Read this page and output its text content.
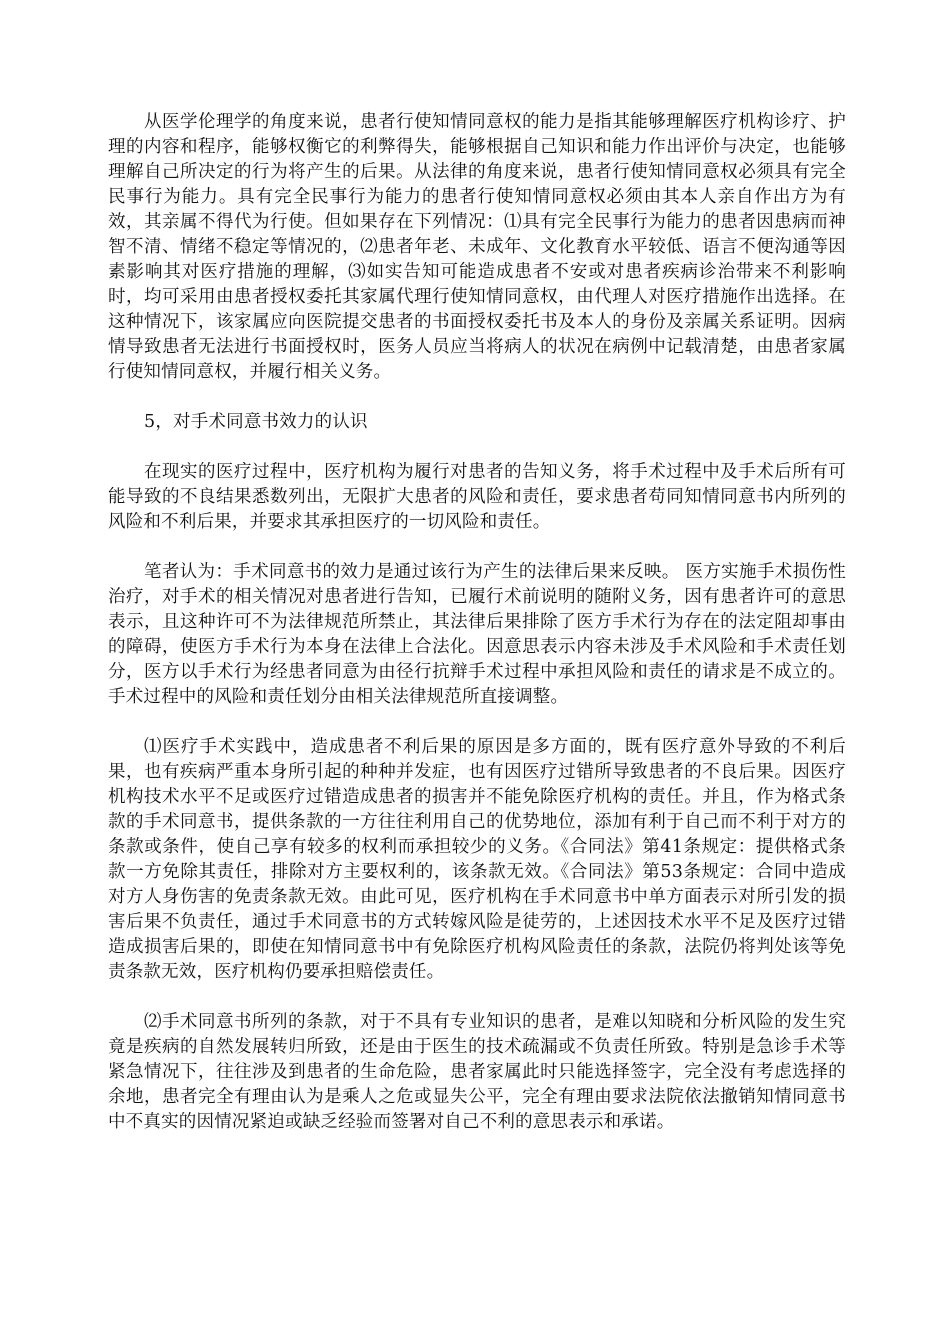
从医学伦理学的角度来说，患者行使知情同意权的能力是指其能够理解医疗机构诊疗、护理的内容和程序，能够权衡它的利弊得失，能够根据自己知识和能力作出评价与决定，也能够理解自己所决定的行为将产生的后果。从法律的角度来说，患者行使知情同意权必须具有完全民事行为能力。具有完全民事行为能力的患者行使知情同意权必须由其本人亲自作出方为有效，其亲属不得代为行使。但如果存在下列情况：⑴具有完全民事行为能力的患者因患病而神智不清、情绪不稳定等情况的，⑵患者年老、未成年、文化教育水平较低、语言不便沟通等因素影响其对医疗措施的理解，⑶如实告知可能造成患者不安或对患者疾病诊治带来不利影响时，均可采用由患者授权委托其家属代理行使知情同意权，由代理人对医疗措施作出选择。在这种情况下，该家属应向医院提交患者的书面授权委托书及本人的身份及亲属关系证明。因病情导致患者无法进行书面授权时，医务人员应当将病人的状况在病例中记载清楚，由患者家属行使知情同意权，并履行相关义务。

5，对手术同意书效力的认识

在现实的医疗过程中，医疗机构为履行对患者的告知义务，将手术过程中及手术后所有可能导致的不良结果悉数列出，无限扩大患者的风险和责任，要求患者苟同知情同意书内所列的风险和不利后果，并要求其承担医疗的一切风险和责任。

笔者认为：手术同意书的效力是通过该行为产生的法律后果来反映。 医方实施手术损伤性治疗，对手术的相关情况对患者进行告知，已履行术前说明的随附义务，因有患者许可的意思表示，且这种许可不为法律规范所禁止，其法律后果排除了医方手术行为存在的法定阻却事由的障碍，使医方手术行为本身在法律上合法化。因意思表示内容未涉及手术风险和手术责任划分，医方以手术行为经患者同意为由径行抗辩手术过程中承担风险和责任的请求是不成立的。手术过程中的风险和责任划分由相关法律规范所直接调整。

⑴医疗手术实践中，造成患者不利后果的原因是多方面的，既有医疗意外导致的不利后果，也有疾病严重本身所引起的种种并发症，也有因医疗过错所导致患者的不良后果。因医疗机构技术水平不足或医疗过错造成患者的损害并不能免除医疗机构的责任。并且，作为格式条款的手术同意书，提供条款的一方往往利用自己的优势地位，添加有利于自己而不利于对方的条款或条件，使自己享有较多的权利而承担较少的义务。《合同法》第41条规定：提供格式条款一方免除其责任，排除对方主要权利的，该条款无效。《合同法》第53条规定：合同中造成对方人身伤害的免责条款无效。由此可见，医疗机构在手术同意书中单方面表示对所引发的损害后果不负责任，通过手术同意书的方式转嫁风险是徒劳的，上述因技术水平不足及医疗过错造成损害后果的，即使在知情同意书中有免除医疗机构风险责任的条款，法院仍将判处该等免责条款无效，医疗机构仍要承担赔偿责任。

⑵手术同意书所列的条款，对于不具有专业知识的患者，是难以知晓和分析风险的发生究竟是疾病的自然发展转归所致，还是由于医生的技术疏漏或不负责任所致。特别是急诊手术等紧急情况下，往往涉及到患者的生命危险，患者家属此时只能选择签字，完全没有考虑选择的余地，患者完全有理由认为是乘人之危或显失公平，完全有理由要求法院依法撤销知情同意书中不真实的因情况紧迫或缺乏经验而签署对自己不利的意思表示和承诺。
